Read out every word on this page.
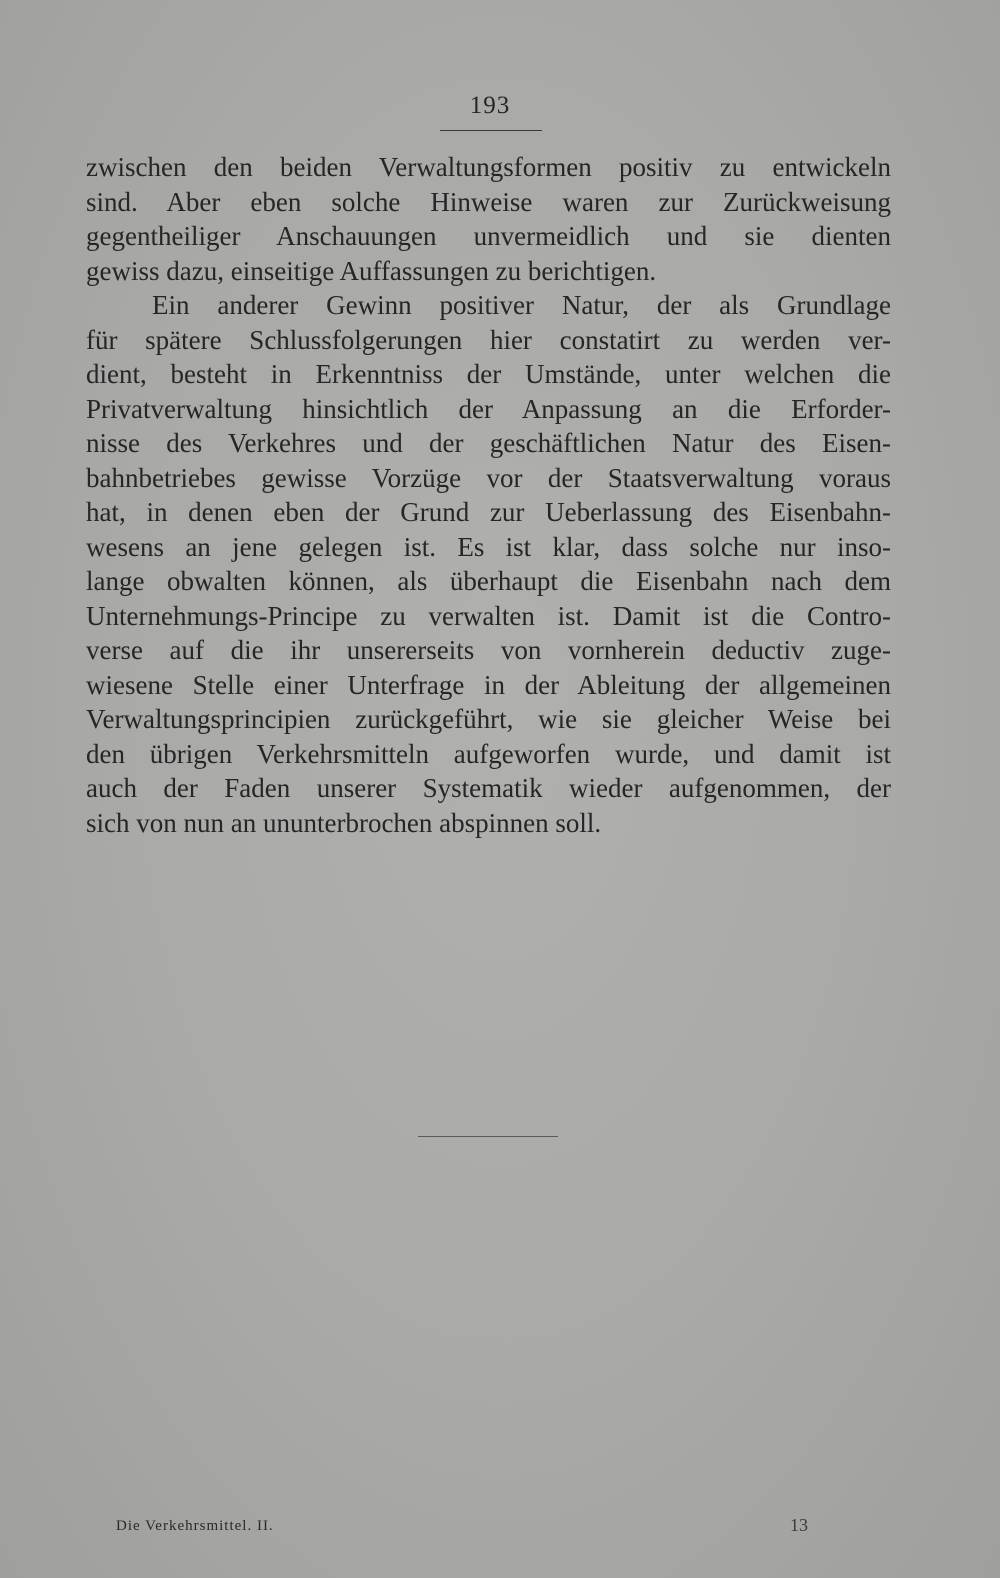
193
zwischen den beiden Verwaltungsformen positiv zu entwickeln
sind. Aber eben solche Hinweise waren zur Zurückweisung
gegentheiliger Anschauungen unvermeidlich und sie dienten
gewiss dazu, einseitige Auffassungen zu berichtigen.
Ein anderer Gewinn positiver Natur, der als Grundlage
für spätere Schlussfolgerungen hier constatirt zu werden ver-
dient, besteht in Erkenntniss der Umstände, unter welchen die
Privatverwaltung hinsichtlich der Anpassung an die Erforder-
nisse des Verkehres und der geschäftlichen Natur des Eisen-
bahnbetriebes gewisse Vorzüge vor der Staatsverwaltung voraus
hat, in denen eben der Grund zur Ueberlassung des Eisenbahn-
wesens an jene gelegen ist. Es ist klar, dass solche nur inso-
lange obwalten können, als überhaupt die Eisenbahn nach dem
Unternehmungs-Principe zu verwalten ist. Damit ist die Contro-
verse auf die ihr unsererseits von vornherein deductiv zuge-
wiesene Stelle einer Unterfrage in der Ableitung der allgemeinen
Verwaltungsprincipien zurückgeführt, wie sie gleicher Weise bei
den übrigen Verkehrsmitteln aufgeworfen wurde, und damit ist
auch der Faden unserer Systematik wieder aufgenommen, der
sich von nun an ununterbrochen abspinnen soll.
Die Verkehrsmittel. II.	13
